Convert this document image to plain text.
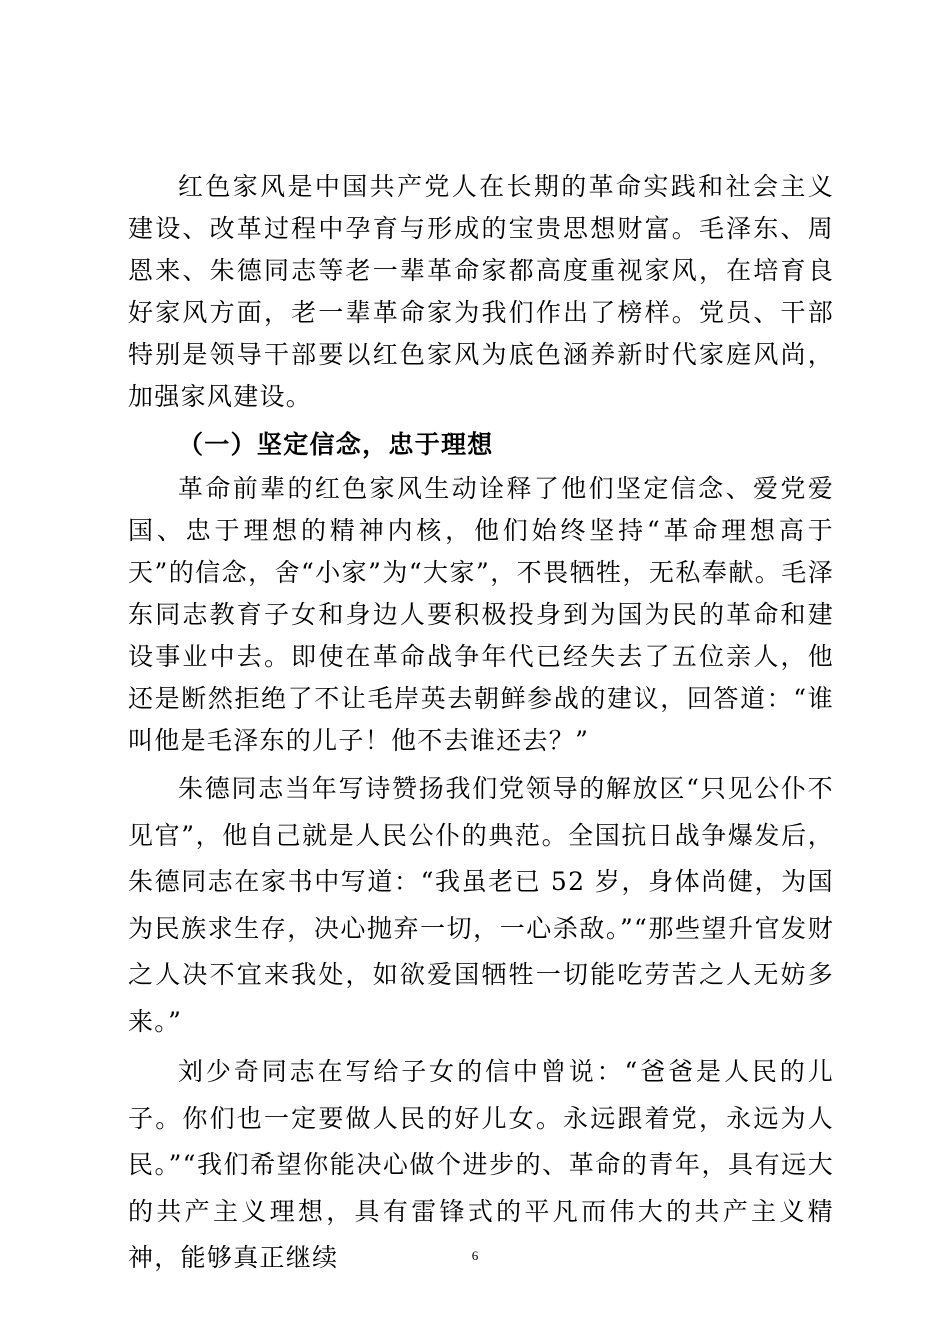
红色家风是中国共产党人在长期的革命实践和社会主义建设、改革过程中孕育与形成的宝贵思想财富。毛泽东、周恩来、朱德同志等老一辈革命家都高度重视家风，在培育良好家风方面，老一辈革命家为我们作出了榜样。党员、干部特别是领导干部要以红色家风为底色涵养新时代家庭风尚，加强家风建设。

（一）坚定信念，忠于理想

革命前辈的红色家风生动诠释了他们坚定信念、爱党爱国、忠于理想的精神内核，他们始终坚持“革命理想高于天”的信念，舍“小家”为“大家”，不畏牺牲，无私奉献。毛泽东同志教育子女和身边人要积极投身到为国为民的革命和建设事业中去。即使在革命战争年代已经失去了五位亲人，他还是断然拒绝了不让毛岸英去朝鲜参战的建议，回答道：“谁叫他是毛泽东的儿子！他不去谁还去？”

朱德同志当年写诗赞扬我们党领导的解放区“只见公仆不见官”，他自己就是人民公仆的典范。全国抗日战争爆发后，朱德同志在家书中写道：“我虽老已 52 岁，身体尚健，为国为民族求生存，决心抛弃一切，一心杀敌。”“那些望升官发财之人决不宜来我处，如欲爱国牺牲一切能吃劳苦之人无妨多来。”

刘少奇同志在写给子女的信中曾说：“爸爸是人民的儿子。你们也一定要做人民的好儿女。永远跟着党，永远为人民。”“我们希望你能决心做个进步的、革命的青年，具有远大的共产主义理想，具有雷锋式的平凡而伟大的共产主义精神，能够真正继续	6
